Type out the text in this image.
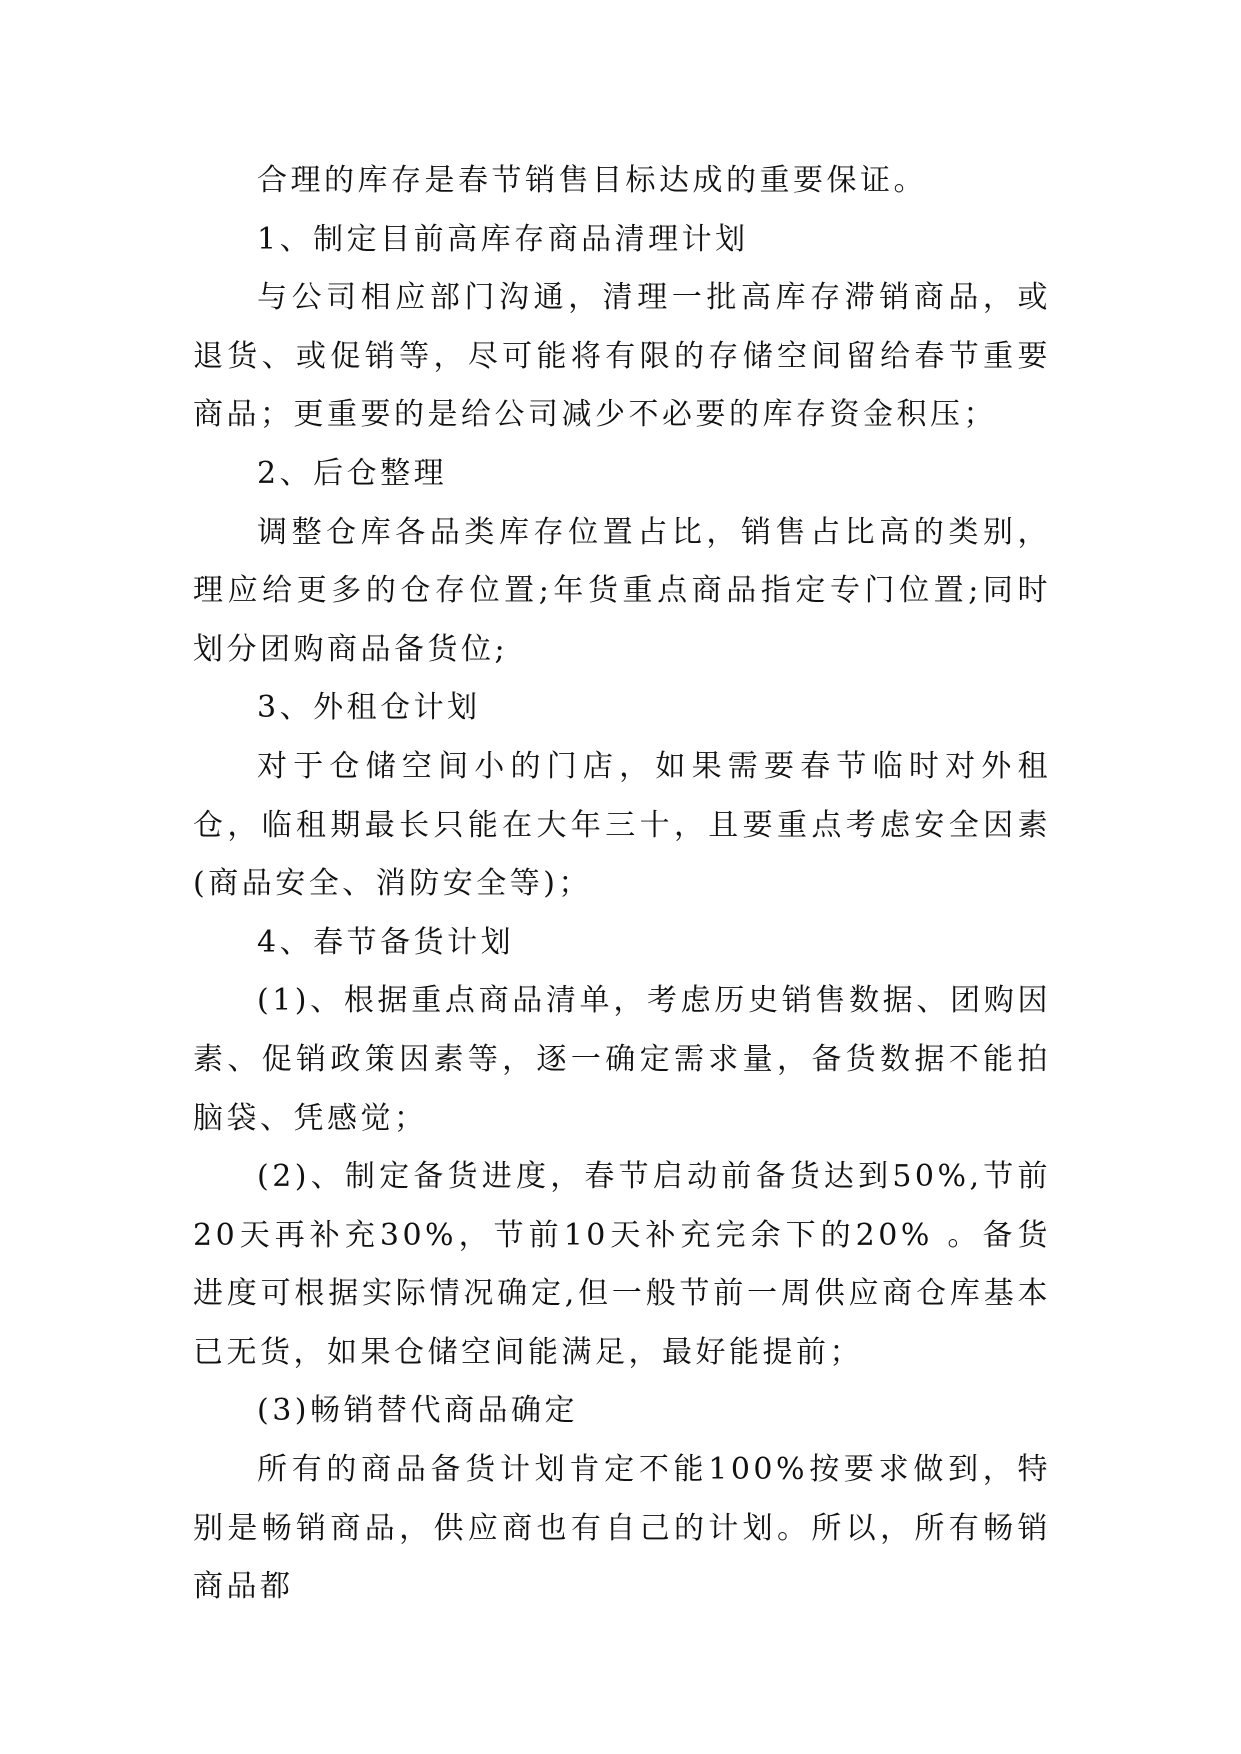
合理的库存是春节销售目标达成的重要保证。

1、制定目前高库存商品清理计划

与公司相应部门沟通，清理一批高库存滞销商品，或退货、或促销等，尽可能将有限的存储空间留给春节重要商品；更重要的是给公司减少不必要的库存资金积压；

2、后仓整理

调整仓库各品类库存位置占比，销售占比高的类别，理应给更多的仓存位置;年货重点商品指定专门位置;同时划分团购商品备货位;

3、外租仓计划

对于仓储空间小的门店，如果需要春节临时对外租仓，临租期最长只能在大年三十，且要重点考虑安全因素(商品安全、消防安全等)；

4、春节备货计划

(1)、根据重点商品清单，考虑历史销售数据、团购因素、促销政策因素等，逐一确定需求量，备货数据不能拍脑袋、凭感觉；

(2)、制定备货进度，春节启动前备货达到50%,节前20天再补充30%，节前10天补充完余下的20% 。备货进度可根据实际情况确定,但一般节前一周供应商仓库基本已无货，如果仓储空间能满足，最好能提前；

(3)畅销替代商品确定

所有的商品备货计划肯定不能100%按要求做到，特别是畅销商品，供应商也有自己的计划。所以，所有畅销商品都
